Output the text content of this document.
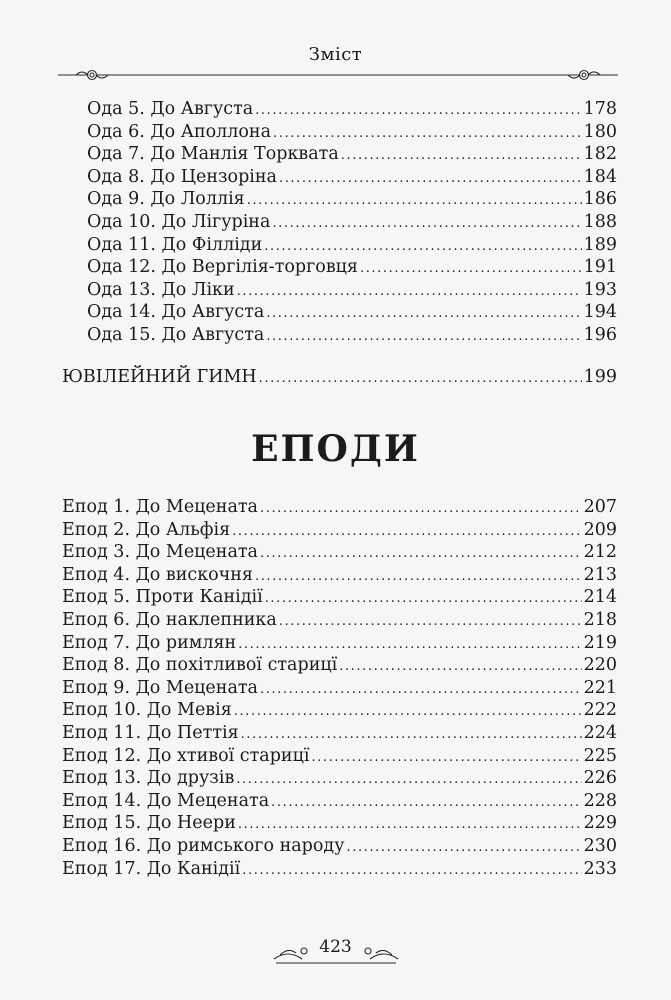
Зміст
Ода 5. До Августа .....	178
Ода 6. До Аполлона .....	180
Ода 7. До Манлія Торквата .....	182
Ода 8. До Цензоріна .....	184
Ода 9. До Лоллія .....	186
Ода 10. До Лігуріна .....	188
Ода 11. До Філліди .....	189
Ода 12. До Вергілія-торговця .....	191
Ода 13. До Ліки .....	193
Ода 14. До Августа .....	194
Ода 15. До Августа .....	196
ЮВІЛЕЙНИЙ ГИМН .....	199
ЕПОДИ
Епод 1. До Мецената .....	207
Епод 2. До Альфія .....	209
Епод 3. До Мецената .....	212
Епод 4. До вискочня .....	213
Епод 5. Проти Канідії .....	214
Епод 6. До наклепника .....	218
Епод 7. До римлян .....	219
Епод 8. До похітливої старицї .....	220
Епод 9. До Мецената .....	221
Епод 10. До Мевія .....	222
Епод 11. До Петтія .....	224
Епод 12. До хтивої старицї .....	225
Епод 13. До друзів .....	226
Епод 14. До Мецената .....	228
Епод 15. До Неери .....	229
Епод 16. До римського народу .....	230
Епод 17. До Канідії .....	233
423
